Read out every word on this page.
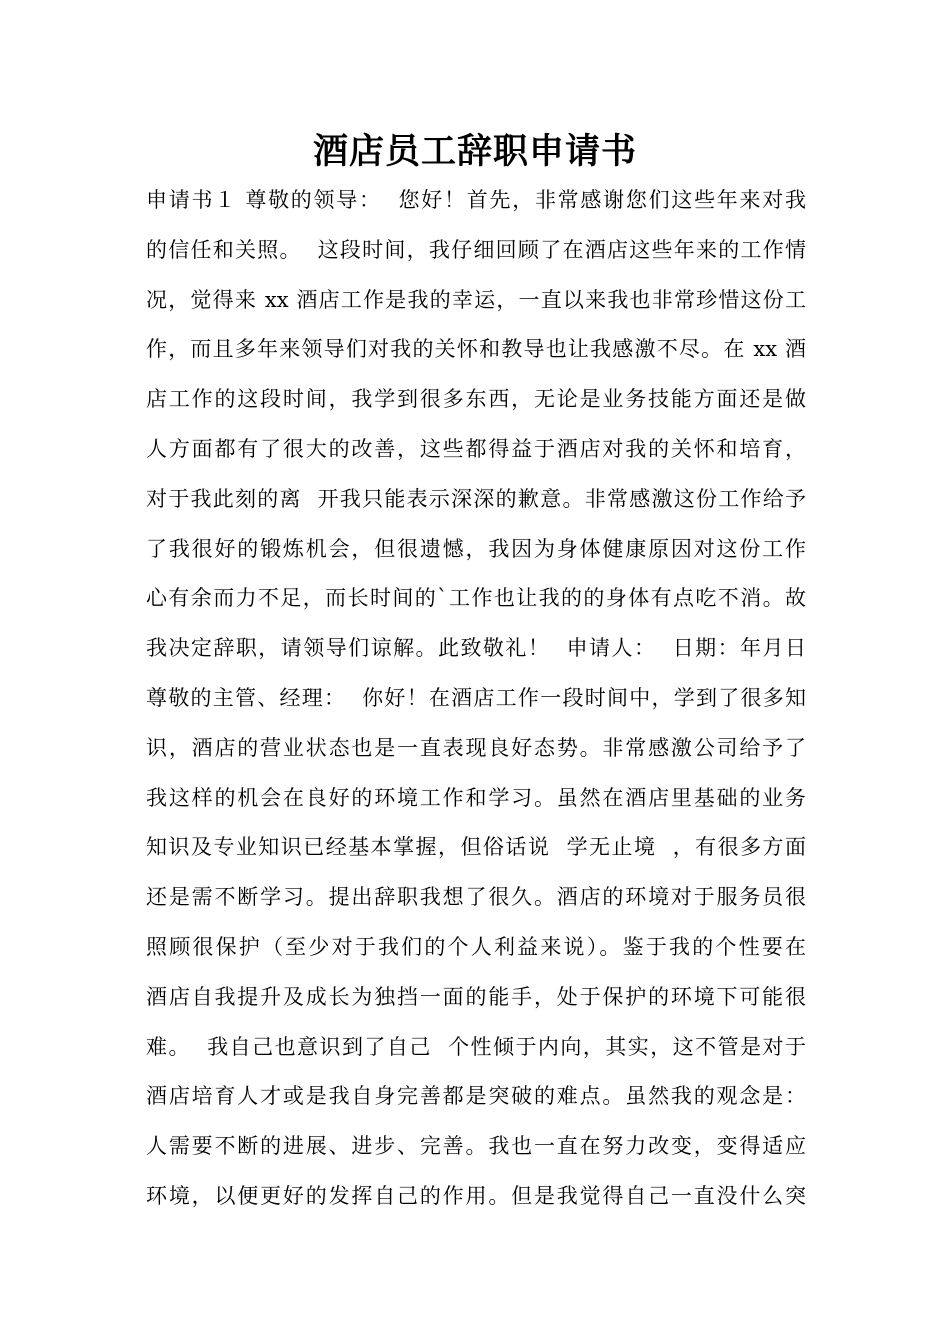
酒店员工辞职申请书
申请书１ 尊敬的领导：  您好！首先，非常感谢您们这些年来对我
的信任和关照。  这段时间，我仔细回顾了在酒店这些年来的工作情
况，觉得来 xx 酒店工作是我的幸运，一直以来我也非常珍惜这份工
作，而且多年来领导们对我的关怀和教导也让我感激不尽。在 xx 酒
店工作的这段时间，我学到很多东西，无论是业务技能方面还是做
人方面都有了很大的改善，这些都得益于酒店对我的关怀和培育，
对于我此刻的离  开我只能表示深深的歉意。非常感激这份工作给予
了我很好的锻炼机会，但很遗憾，我因为身体健康原因对这份工作
心有余而力不足，而长时间的`工作也让我的的身体有点吃不消。故
我决定辞职，请领导们谅解。此致敬礼！  申请人：  日期：年月日
尊敬的主管、经理：  你好！在酒店工作一段时间中，学到了很多知
识，酒店的营业状态也是一直表现良好态势。非常感激公司给予了
我这样的机会在良好的环境工作和学习。虽然在酒店里基础的业务
知识及专业知识已经基本掌握，但俗话说  学无止境  ，有很多方面
还是需不断学习。提出辞职我想了很久。酒店的环境对于服务员很
照顾很保护（至少对于我们的个人利益来说）。鉴于我的个性要在
酒店自我提升及成长为独挡一面的能手，处于保护的环境下可能很
难。  我自己也意识到了自己  个性倾于内向，其实，这不管是对于
酒店培育人才或是我自身完善都是突破的难点。虽然我的观念是：
人需要不断的进展、进步、完善。我也一直在努力改变，变得适应
环境，以便更好的发挥自己的作用。但是我觉得自己一直没什么突
